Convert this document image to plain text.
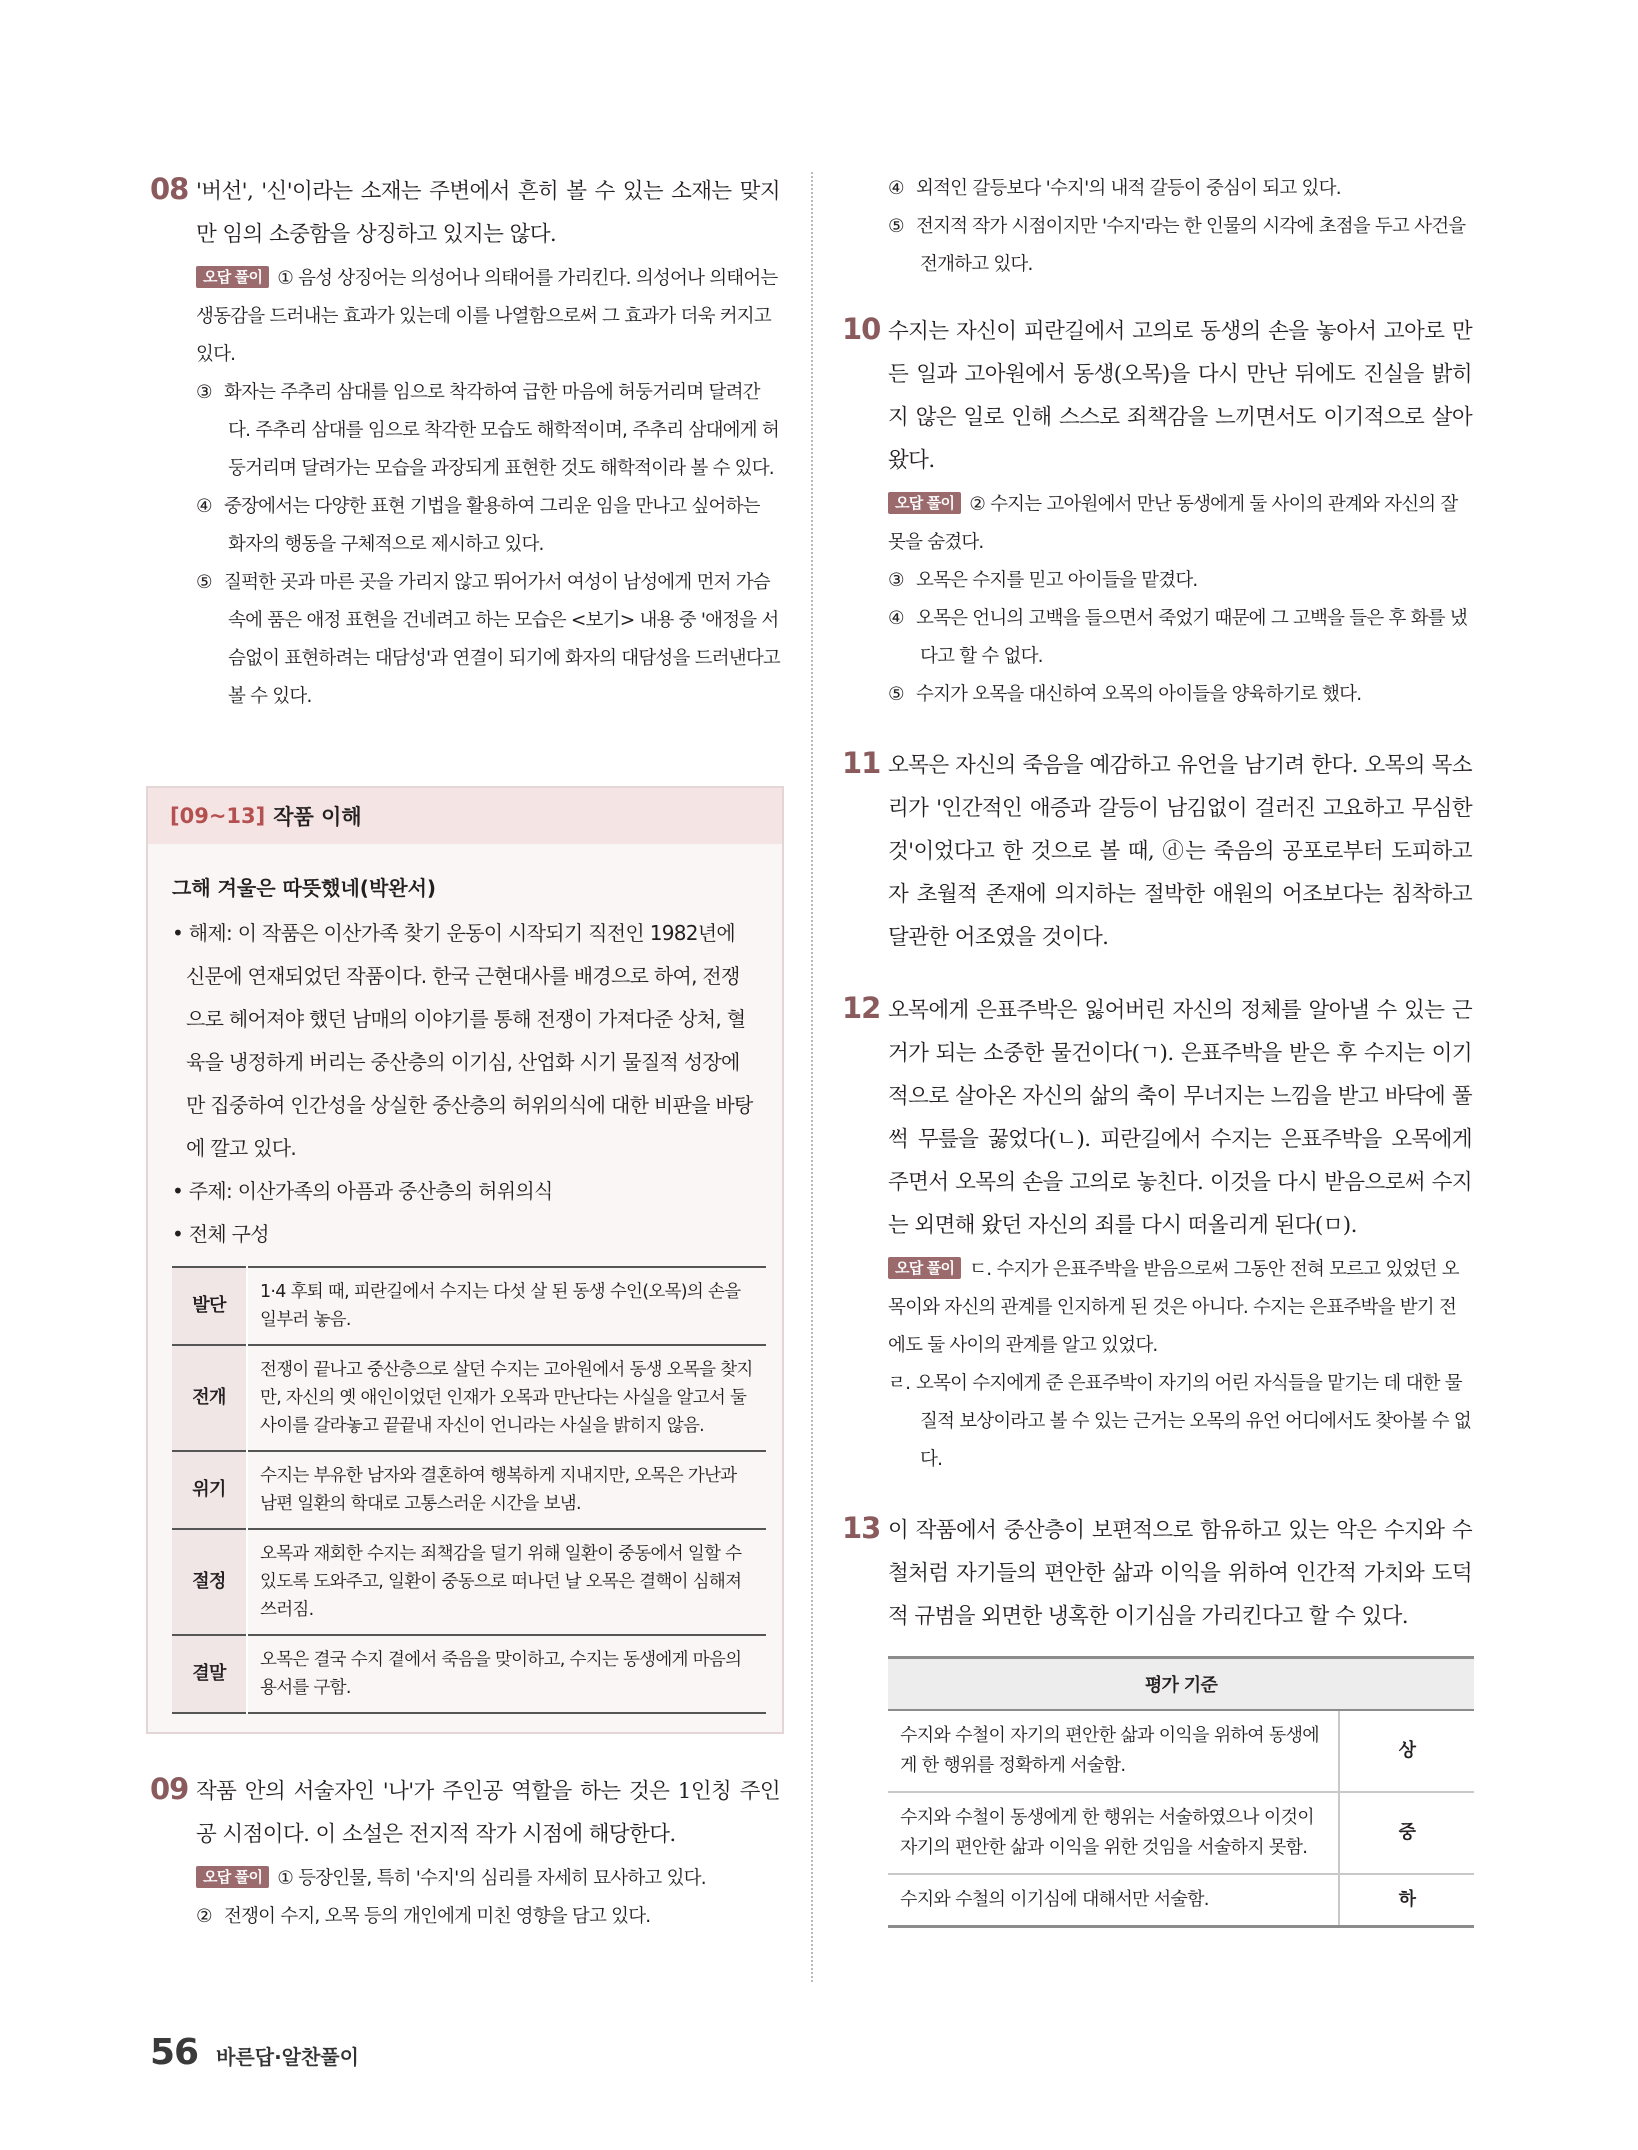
08 '버선', '신'이라는 소재는 주변에서 흔히 볼 수 있는 소재는 맞지만 임의 소중함을 상징하고 있지는 않다.
오답 풀이 ① 음성 상징어는 의성어나 의태어를 가리킨다. 의성어나 의태어는 생동감을 드러내는 효과가 있는데 이를 나열함으로써 그 효과가 더욱 커지고 있다.
③ 화자는 주추리 삼대를 임으로 착각하여 급한 마음에 허둥거리며 달려간다. 주추리 삼대를 임으로 착각한 모습도 해학적이며, 주추리 삼대에게 허둥거리며 달려가는 모습을 과장되게 표현한 것도 해학적이라 볼 수 있다.
④ 중장에서는 다양한 표현 기법을 활용하여 그리운 임을 만나고 싶어하는 화자의 행동을 구체적으로 제시하고 있다.
⑤ 질퍽한 곳과 마른 곳을 가리지 않고 뛰어가서 여성이 남성에게 먼저 가슴 속에 품은 애정 표현을 건네려고 하는 모습은 <보기> 내용 중 '애정을 서슴없이 표현하려는 대담성'과 연결이 되기에 화자의 대담성을 드러낸다고 볼 수 있다.
[09~13] 작품 이해
그해 겨울은 따뜻했네(박완서)
• 해제: 이 작품은 이산가족 찾기 운동이 시작되기 직전인 1982년에 신문에 연재되었던 작품이다. 한국 근현대사를 배경으로 하여, 전쟁으로 헤어져야 했던 남매의 이야기를 통해 전쟁이 가져다준 상처, 혈육을 냉정하게 버리는 중산층의 이기심, 산업화 시기 물질적 성장에만 집중하여 인간성을 상실한 중산층의 허위의식에 대한 비판을 바탕에 깔고 있다.
• 주제: 이산가족의 아픔과 중산층의 허위의식
• 전체 구성
발단	1·4 후퇴 때, 피란길에서 수지는 다섯 살 된 동생 수인(오목)의 손을 일부러 놓음.
전개	전쟁이 끝나고 중산층으로 살던 수지는 고아원에서 동생 오목을 찾지만, 자신의 옛 애인이었던 인재가 오목과 만난다는 사실을 알고서 둘 사이를 갈라놓고 끝끝내 자신이 언니라는 사실을 밝히지 않음.
위기	수지는 부유한 남자와 결혼하여 행복하게 지내지만, 오목은 가난과 남편 일환의 학대로 고통스러운 시간을 보냄.
절정	오목과 재회한 수지는 죄책감을 덜기 위해 일환이 중동에서 일할 수 있도록 도와주고, 일환이 중동으로 떠나던 날 오목은 결핵이 심해져 쓰러짐.
결말	오목은 결국 수지 곁에서 죽음을 맞이하고, 수지는 동생에게 마음의 용서를 구함.
09 작품 안의 서술자인 '나'가 주인공 역할을 하는 것은 1인칭 주인공 시점이다. 이 소설은 전지적 작가 시점에 해당한다.
오답 풀이 ① 등장인물, 특히 '수지'의 심리를 자세히 묘사하고 있다.
② 전쟁이 수지, 오목 등의 개인에게 미친 영향을 담고 있다.
④ 외적인 갈등보다 '수지'의 내적 갈등이 중심이 되고 있다.
⑤ 전지적 작가 시점이지만 '수지'라는 한 인물의 시각에 초점을 두고 사건을 전개하고 있다.
10 수지는 자신이 피란길에서 고의로 동생의 손을 놓아서 고아로 만든 일과 고아원에서 동생(오목)을 다시 만난 뒤에도 진실을 밝히지 않은 일로 인해 스스로 죄책감을 느끼면서도 이기적으로 살아왔다.
오답 풀이 ② 수지는 고아원에서 만난 동생에게 둘 사이의 관계와 자신의 잘못을 숨겼다.
③ 오목은 수지를 믿고 아이들을 맡겼다.
④ 오목은 언니의 고백을 들으면서 죽었기 때문에 그 고백을 들은 후 화를 냈다고 할 수 없다.
⑤ 수지가 오목을 대신하여 오목의 아이들을 양육하기로 했다.
11 오목은 자신의 죽음을 예감하고 유언을 남기려 한다. 오목의 목소리가 '인간적인 애증과 갈등이 남김없이 걸러진 고요하고 무심한 것'이었다고 한 것으로 볼 때, ⓓ는 죽음의 공포로부터 도피하고자 초월적 존재에 의지하는 절박한 애원의 어조보다는 침착하고 달관한 어조였을 것이다.
12 오목에게 은표주박은 잃어버린 자신의 정체를 알아낼 수 있는 근거가 되는 소중한 물건이다(ㄱ). 은표주박을 받은 후 수지는 이기적으로 살아온 자신의 삶의 축이 무너지는 느낌을 받고 바닥에 풀썩 무릎을 꿇었다(ㄴ). 피란길에서 수지는 은표주박을 오목에게 주면서 오목의 손을 고의로 놓친다. 이것을 다시 받음으로써 수지는 외면해 왔던 자신의 죄를 다시 떠올리게 된다(ㅁ).
오답 풀이 ㄷ. 수지가 은표주박을 받음으로써 그동안 전혀 모르고 있었던 오목이와 자신의 관계를 인지하게 된 것은 아니다. 수지는 은표주박을 받기 전에도 둘 사이의 관계를 알고 있었다.
ㄹ. 오목이 수지에게 준 은표주박이 자기의 어린 자식들을 맡기는 데 대한 물질적 보상이라고 볼 수 있는 근거는 오목의 유언 어디에서도 찾아볼 수 없다.
13 이 작품에서 중산층이 보편적으로 함유하고 있는 악은 수지와 수철처럼 자기들의 편안한 삶과 이익을 위하여 인간적 가치와 도덕적 규범을 외면한 냉혹한 이기심을 가리킨다고 할 수 있다.
평가 기준	
수지와 수철이 자기의 편안한 삶과 이익을 위하여 동생에게 한 행위를 정확하게 서술함.	상
수지와 수철이 동생에게 한 행위는 서술하였으나 이것이 자기의 편안한 삶과 이익을 위한 것임을 서술하지 못함.	중
수지와 수철의 이기심에 대해서만 서술함.	하
56 바른답·알찬풀이
